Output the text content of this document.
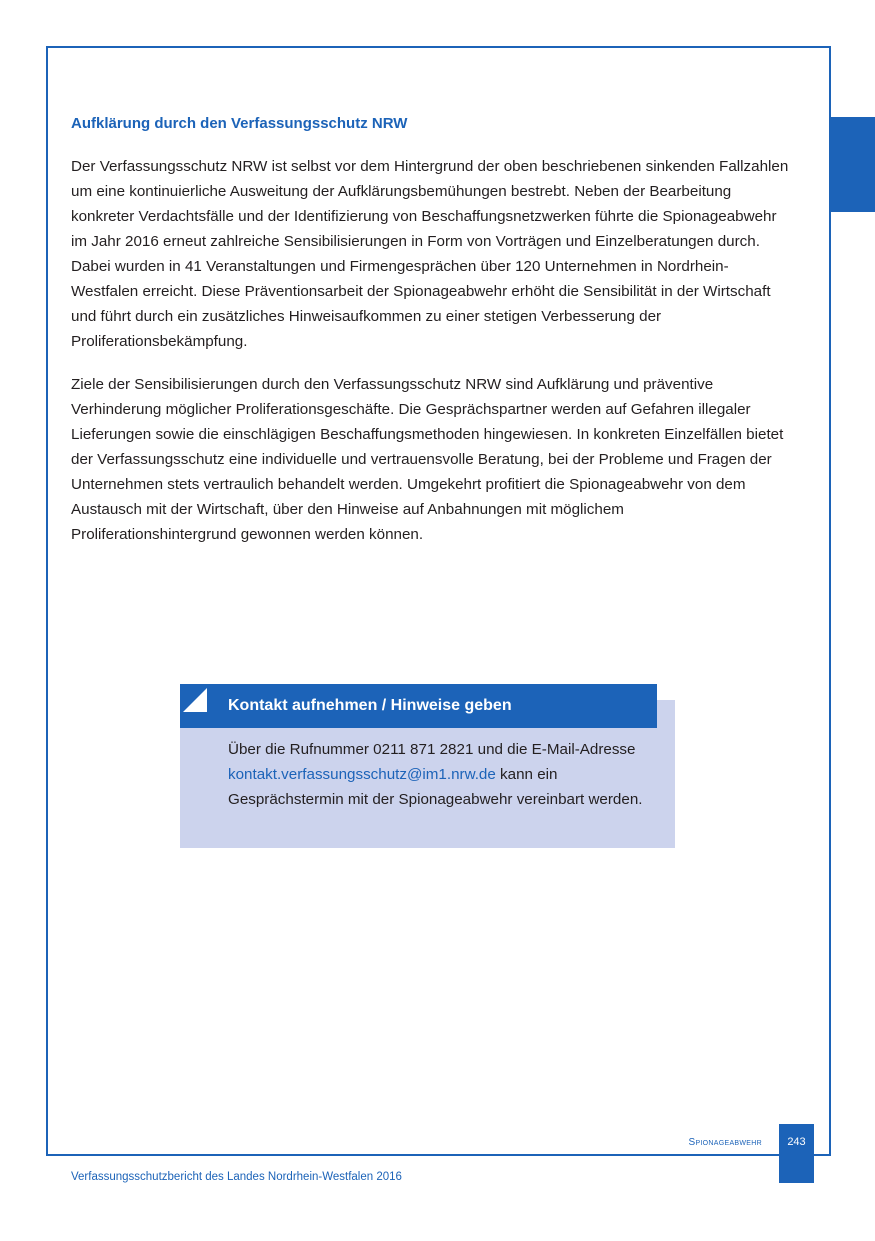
Aufklärung durch den Verfassungsschutz NRW

Der Verfassungsschutz NRW ist selbst vor dem Hintergrund der oben beschriebenen sinkenden Fallzahlen um eine kontinuierliche Ausweitung der Aufklärungsbemühungen bestrebt. Neben der Bearbeitung konkreter Verdachtsfälle und der Identifizierung von Beschaffungsnetzwerken führte die Spionageabwehr im Jahr 2016 erneut zahlreiche Sensibilisierungen in Form von Vorträgen und Einzelberatungen durch. Dabei wurden in 41 Veranstaltungen und Firmengesprächen über 120 Unternehmen in Nordrhein-Westfalen erreicht. Diese Präventionsarbeit der Spionageabwehr erhöht die Sensibilität in der Wirtschaft und führt durch ein zusätzliches Hinweisaufkommen zu einer stetigen Verbesserung der Proliferationsbekämpfung.

Ziele der Sensibilisierungen durch den Verfassungsschutz NRW sind Aufklärung und präventive Verhinderung möglicher Proliferationsgeschäfte. Die Gesprächspartner werden auf Gefahren illegaler Lieferungen sowie die einschlägigen Beschaffungsmethoden hingewiesen. In konkreten Einzelfällen bietet der Verfassungsschutz eine individuelle und vertrauensvolle Beratung, bei der Probleme und Fragen der Unternehmen stets vertraulich behandelt werden. Umgekehrt profitiert die Spionageabwehr von dem Austausch mit der Wirtschaft, über den Hinweise auf Anbahnungen mit möglichem Proliferationshintergrund gewonnen werden können.

Kontakt aufnehmen / Hinweise geben

Über die Rufnummer 0211 871 2821 und die E-Mail-Adresse kontakt.verfassungsschutz@im1.nrw.de kann ein Gesprächstermin mit der Spionageabwehr vereinbart werden.

Spionageabwehr	243
Verfassungsschutzbericht des Landes Nordrhein-Westfalen 2016
